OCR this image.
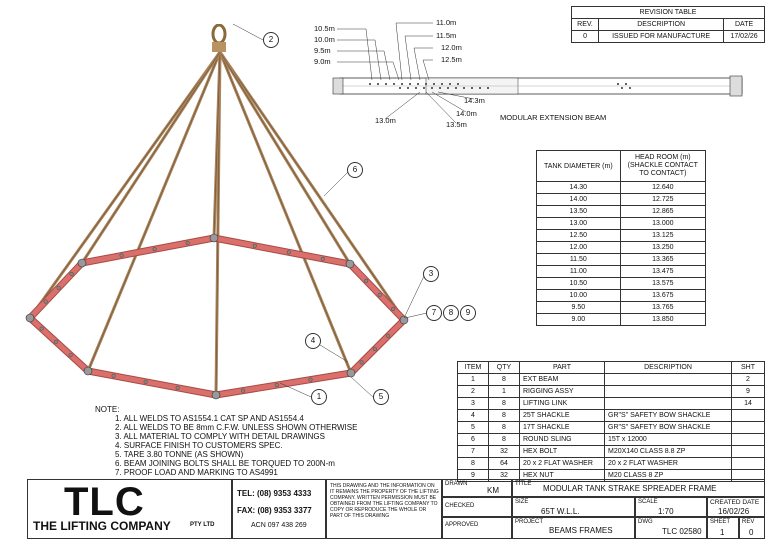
1
2
3
4
5
6
7	8	9
10.5m
10.0m
9.5m
9.0m
11.0m
11.5m
12.0m
12.5m
13.0m	13.5m
14.0m
14.3m
MODULAR EXTENSION BEAM
REVISION TABLE		
REV.	DESCRIPTION	DATE
0	ISSUED FOR MANUFACTURE	17/02/26
TANK DIAMETER (m)	HEAD ROOM (m)
(SHACKLE CONTACT
TO CONTACT)
14.30	12.640
14.00	12.725
13.50	12.865
13.00	13.000
12.50	13.125
12.00	13.250
11.50	13.365
11.00	13.475
10.50	13.575
10.00	13.675
9.50	13.765
9.00	13.850
ITEM	QTY	PART	DESCRIPTION	SHT
1	8	EXT BEAM		2
2	1	RIGGING ASSY		9
3	8	LIFTING LINK		14
4	8	25T SHACKLE	GR"S" SAFETY BOW SHACKLE	
5	8	17T SHACKLE	GR"S" SAFETY BOW SHACKLE	
6	8	ROUND SLING	15T x 12000	
7	32	HEX BOLT	M20X140 CLASS 8.8 ZP	
8	64	20 x 2 FLAT WASHER	20 x 2 FLAT WASHER	
9	32	HEX NUT	M20 CLASS 8 ZP	
NOTE:
1. ALL WELDS TO AS1554.1 CAT SP AND AS1554.4
2. ALL WELDS TO BE 8mm C.F.W. UNLESS SHOWN OTHERWISE
3. ALL MATERIAL TO COMPLY WITH DETAIL DRAWINGS
4. SURFACE FINISH TO CUSTOMERS SPEC.
5. TARE 3.80 TONNE (AS SHOWN)
6. BEAM JOINING BOLTS SHALL BE TORQUED TO 200N-m
7. PROOF LOAD AND MARKING TO AS4991
TLC
THE LIFTING COMPANY	PTY LTD
TEL: (08) 9353 4333
FAX: (08) 9353 3377
ACN 097 438 269
THIS DRAWING AND THE INFORMATION ON IT REMAINS THE PROPERTY OF THE LIFTING COMPANY. WRITTEN PERMISSION MUST BE OBTAINED FROM THE LIFTING COMPANY TO COPY OR REPRODUCE THE WHOLE OR PART OF THIS DRAWING
DRAWN
KM
TITLE MODULAR TANK STRAKE SPREADER FRAME
CHECKED
SIZE
65T W.L.L.
SCALE
1:70
CREATED DATE
16/02/26
APPROVED	PROJECT
BEAMS FRAMES
DWG
TLC 02580
SHEET
1
REV
0
